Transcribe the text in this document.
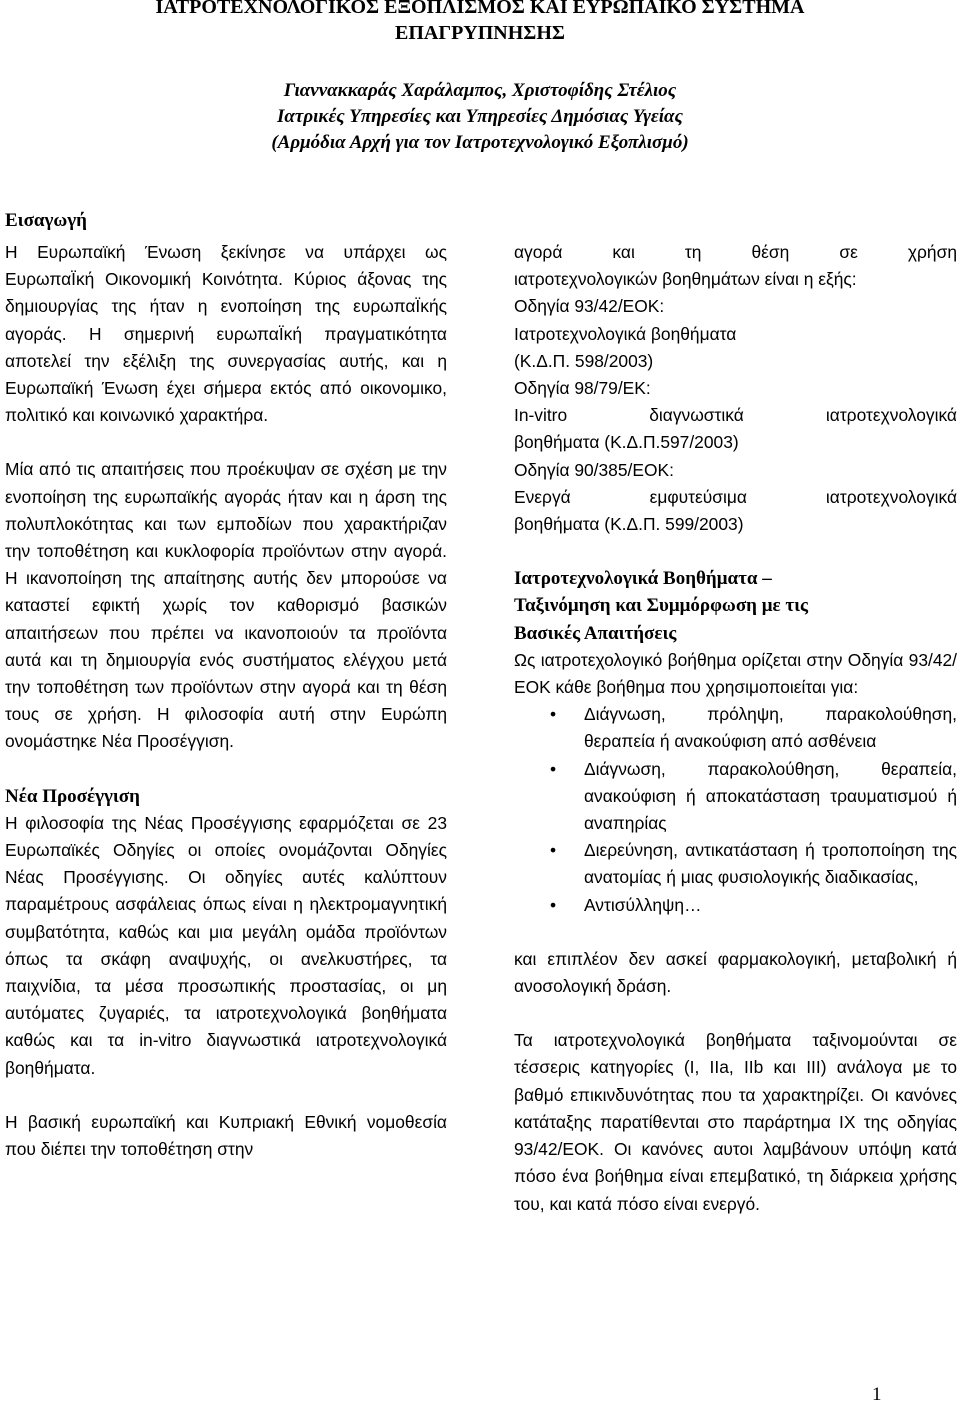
ΙΑΤΡΟΤΕΧΝΟΛΟΓΙΚΟΣ ΕΞΟΠΛΙΣΜΟΣ ΚΑΙ ΕΥΡΩΠΑΙΚΟ ΣΥΣΤΗΜΑ

ΕΠΑΓΡΥΠΝΗΣΗΣ

Γιαννακκαράς Χαράλαμπος, Χριστοφίδης Στέλιος

Ιατρικές Υπηρεσίες και Υπηρεσίες Δημόσιας Υγείας

(Αρμόδια Αρχή για τον Ιατροτεχνολογικό Εξοπλισμό)

Εισαγωγή

Η Ευρωπαϊκή Ένωση ξεκίνησε να υπάρχει ως ΕυρωπαΪκή Οικονομική Κοινότητα. Κύριος άξονας της δημιουργίας της ήταν η ενοποίηση της ευρωπαΪκής αγοράς. Η σημερινή ευρωπαΪκή πραγματικότητα αποτελεί την εξέλιξη της συνεργασίας αυτής, και η Ευρωπαϊκή Ένωση έχει σήμερα εκτός από οικονομικο, πολιτικό και κοινωνικό χαρακτήρα.

Μία από τις απαιτήσεις που προέκυψαν σε σχέση με την ενοποίηση της ευρωπαϊκής αγοράς ήταν και η άρση της πολυπλοκότητας και των εμποδίων που χαρακτήριζαν την τοποθέτηση και κυκλοφορία προϊόντων στην αγορά. Η ικανοποίηση της απαίτησης αυτής δεν μπορούσε να καταστεί εφικτή χωρίς τον καθορισμό βασικών απαιτήσεων που πρέπει να ικανοποιούν τα προϊόντα αυτά και τη δημιουργία ενός συστήματος ελέγχου μετά την τοποθέτηση των προϊόντων στην αγορά και τη θέση τους σε χρήση. Η φιλοσοφία αυτή στην Ευρώπη ονομάστηκε Νέα Προσέγγιση.

Νέα Προσέγγιση

Η φιλοσοφία της Νέας Προσέγγισης εφαρμόζεται σε 23 Ευρωπαϊκές Οδηγίες οι οποίες ονομάζονται Οδηγίες Νέας Προσέγγισης. Οι οδηγίες αυτές καλύπτουν παραμέτρους ασφάλειας όπως είναι η ηλεκτρομαγνητική συμβατότητα, καθώς και μια μεγάλη ομάδα προϊόντων όπως τα σκάφη αναψυχής, οι ανελκυστήρες, τα παιχνίδια, τα μέσα προσωπικής προστασίας, οι μη αυτόματες ζυγαριές, τα ιατροτεχνολογικά βοηθήματα καθώς και τα in-vitro διαγνωστικά ιατροτεχνολογικά βοηθήματα.

Η βασική ευρωπαϊκή και Κυπριακή Εθνική νομοθεσία που διέπει την τοποθέτηση στην

αγορά και τη θέση σε χρήση

ιατροτεχνολογικών βοηθημάτων είναι η εξής:

Οδηγία 93/42/ΕΟΚ:

Ιατροτεχνολογικά βοηθήματα

(Κ.Δ.Π. 598/2003)

Οδηγία 98/79/ΕΚ:

In-vitro διαγνωστικά ιατροτεχνολογικά

βοηθήματα (Κ.Δ.Π.597/2003)

Οδηγία 90/385/ΕΟΚ:

Ενεργά εμφυτεύσιμα ιατροτεχνολογικά

βοηθήματα (Κ.Δ.Π. 599/2003)

Ιατροτεχνολογικά Βοηθήματα –

Ταξινόμηση και Συμμόρφωση με τις

Βασικές Απαιτήσεις

Ως ιατροτεχολογικό βοήθημα ορίζεται στην Οδηγία 93/42/ΕΟΚ κάθε βοήθημα που χρησιμοποιείται για:

• Διάγνωση, πρόληψη, παρακολούθηση, θεραπεία ή ανακούφιση από ασθένεια
• Διάγνωση, παρακολούθηση, θεραπεία, ανακούφιση ή αποκατάσταση τραυματισμού ή αναπηρίας
• Διερεύνηση, αντικατάσταση ή τροποποίηση της ανατομίας ή μιας φυσιολογικής διαδικασίας,
• Αντισύλληψη…

και επιπλέον δεν ασκεί φαρμακολογική, μεταβολική ή ανοσολογική δράση.

Τα ιατροτεχνολογικά βοηθήματα ταξινομούνται σε τέσσερις κατηγορίες (I, IIa, IIb και III) ανάλογα με το βαθμό επικινδυνότητας που τα χαρακτηρίζει. Οι κανόνες κατάταξης παρατίθενται στο παράρτημα IX της οδηγίας 93/42/ΕΟΚ. Οι κανόνες αυτοι λαμβάνουν υπόψη κατά πόσο ένα βοήθημα είναι επεμβατικό, τη διάρκεια χρήσης του, και κατά πόσο είναι ενεργό.

1
